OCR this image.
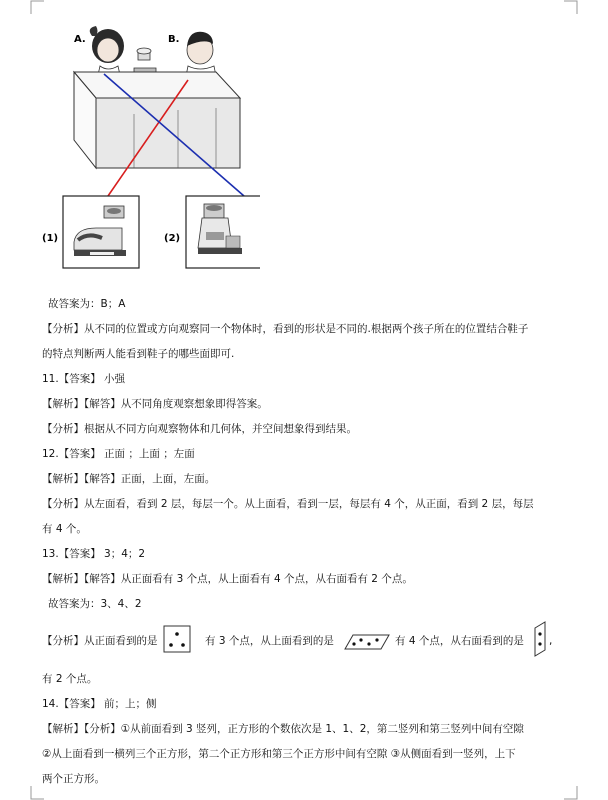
A.	B.
(1)	(2)
故答案为：B；A
【分析】从不同的位置或方向观察同一个物体时，看到的形状是不同的.根据两个孩子所在的位置结合鞋子
的特点判断两人能看到鞋子的哪些面即可.
11.【答案】 小强
【解析】【解答】从不同角度观察想象即得答案。
【分析】根据从不同方向观察物体和几何体，并空间想象得到结果。
12.【答案】 正面 ；上面 ；左面
【解析】【解答】正面，上面，左面。
【分析】从左面看，看到 2 层，每层一个。从上面看，看到一层，每层有 4 个，从正面，看到 2 层，每层
有 4 个。
13.【答案】 3；4；2
【解析】【解答】从正面看有 3 个点，从上面看有 4 个点，从右面看有 2 个点。
故答案为：3、4、2
【分析】从正面看到的是	有 3 个点，从上面看到的是	有 4 个点，从右面看到的是 ,
有 2 个点。
14.【答案】 前；上；侧
【解析】【分析】①从前面看到 3 竖列，正方形的个数依次是 1、1、2，第二竖列和第三竖列中间有空隙
②从上面看到一横列三个正方形，第二个正方形和第三个正方形中间有空隙 ③从侧面看到一竖列，上下
两个正方形。
